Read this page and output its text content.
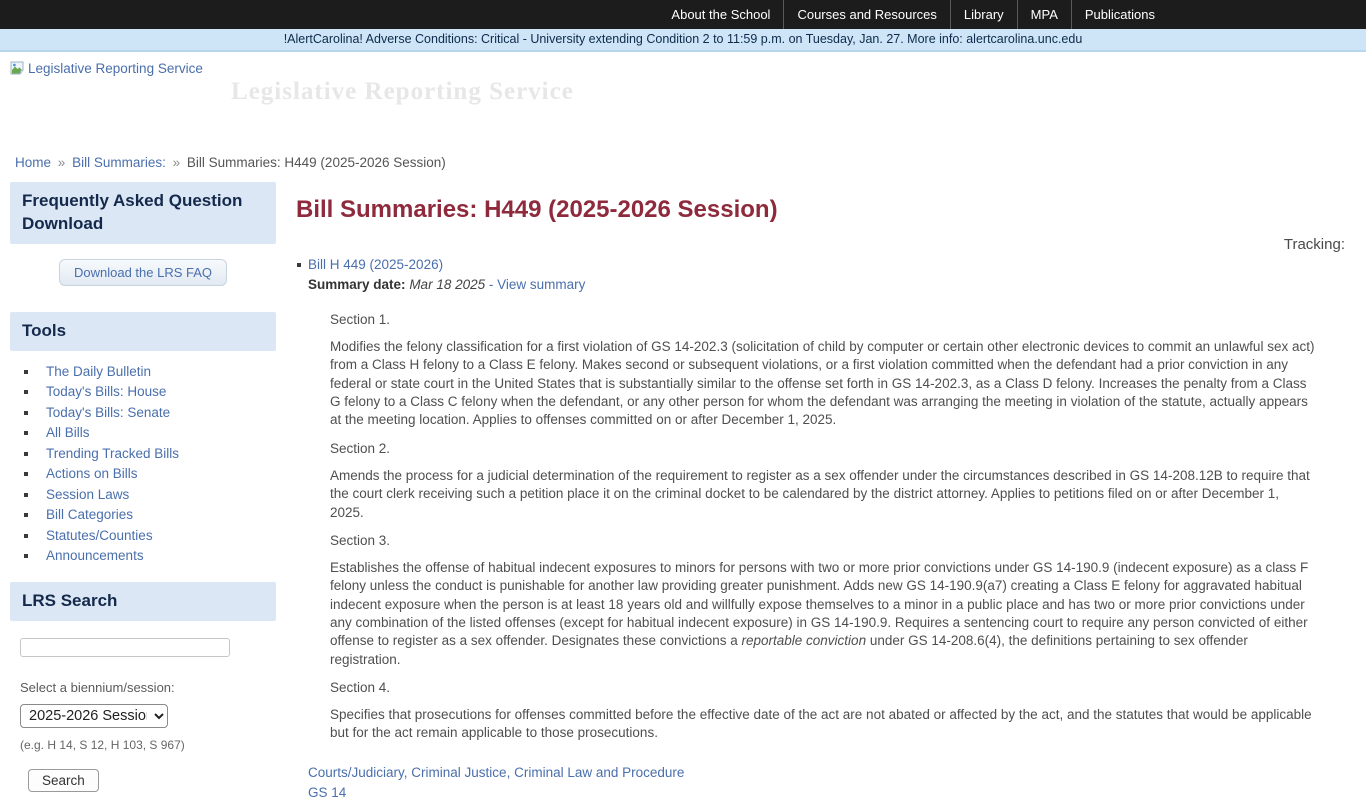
About the School	Courses and Resources	Library	MPA	Publications
!AlertCarolina! Adverse Conditions: Critical - University extending Condition 2 to 11:59 p.m. on Tuesday, Jan. 27. More info: alertcarolina.unc.edu
Legislative Reporting Service
Legislative Reporting Service
Home » Bill Summaries: » Bill Summaries: H449 (2025-2026 Session)
Frequently Asked Question Download
Download the LRS FAQ
Tools
The Daily Bulletin
Today's Bills: House
Today's Bills: Senate
All Bills
Trending Tracked Bills
Actions on Bills
Session Laws
Bill Categories
Statutes/Counties
Announcements
LRS Search
Select a biennium/session:
2025-2026 Session
(e.g. H 14, S 12, H 103, S 967)
Search
Bill Summaries: H449 (2025-2026 Session)
Tracking:
Bill H 449 (2025-2026)
Summary date: Mar 18 2025 - View summary

Section 1.

Modifies the felony classification for a first violation of GS 14-202.3 (solicitation of child by computer or certain other electronic devices to commit an unlawful sex act) from a Class H felony to a Class E felony. Makes second or subsequent violations, or a first violation committed when the defendant had a prior conviction in any federal or state court in the United States that is substantially similar to the offense set forth in GS 14-202.3, as a Class D felony. Increases the penalty from a Class G felony to a Class C felony when the defendant, or any other person for whom the defendant was arranging the meeting in violation of the statute, actually appears at the meeting location. Applies to offenses committed on or after December 1, 2025.

Section 2.

Amends the process for a judicial determination of the requirement to register as a sex offender under the circumstances described in GS 14-208.12B to require that the court clerk receiving such a petition place it on the criminal docket to be calendared by the district attorney. Applies to petitions filed on or after December 1, 2025.

Section 3.

Establishes the offense of habitual indecent exposures to minors for persons with two or more prior convictions under GS 14-190.9 (indecent exposure) as a class F felony unless the conduct is punishable for another law providing greater punishment. Adds new GS 14-190.9(a7) creating a Class E felony for aggravated habitual indecent exposure when the person is at least 18 years old and willfully expose themselves to a minor in a public place and has two or more prior convictions under any combination of the listed offenses (except for habitual indecent exposure) in GS 14-190.9. Requires a sentencing court to require any person convicted of either offense to register as a sex offender. Designates these convictions a reportable conviction under GS 14-208.6(4), the definitions pertaining to sex offender registration.

Section 4.

Specifies that prosecutions for offenses committed before the effective date of the act are not abated or affected by the act, and the statutes that would be applicable but for the act remain applicable to those prosecutions.

Courts/Judiciary, Criminal Justice, Criminal Law and Procedure
GS 14
